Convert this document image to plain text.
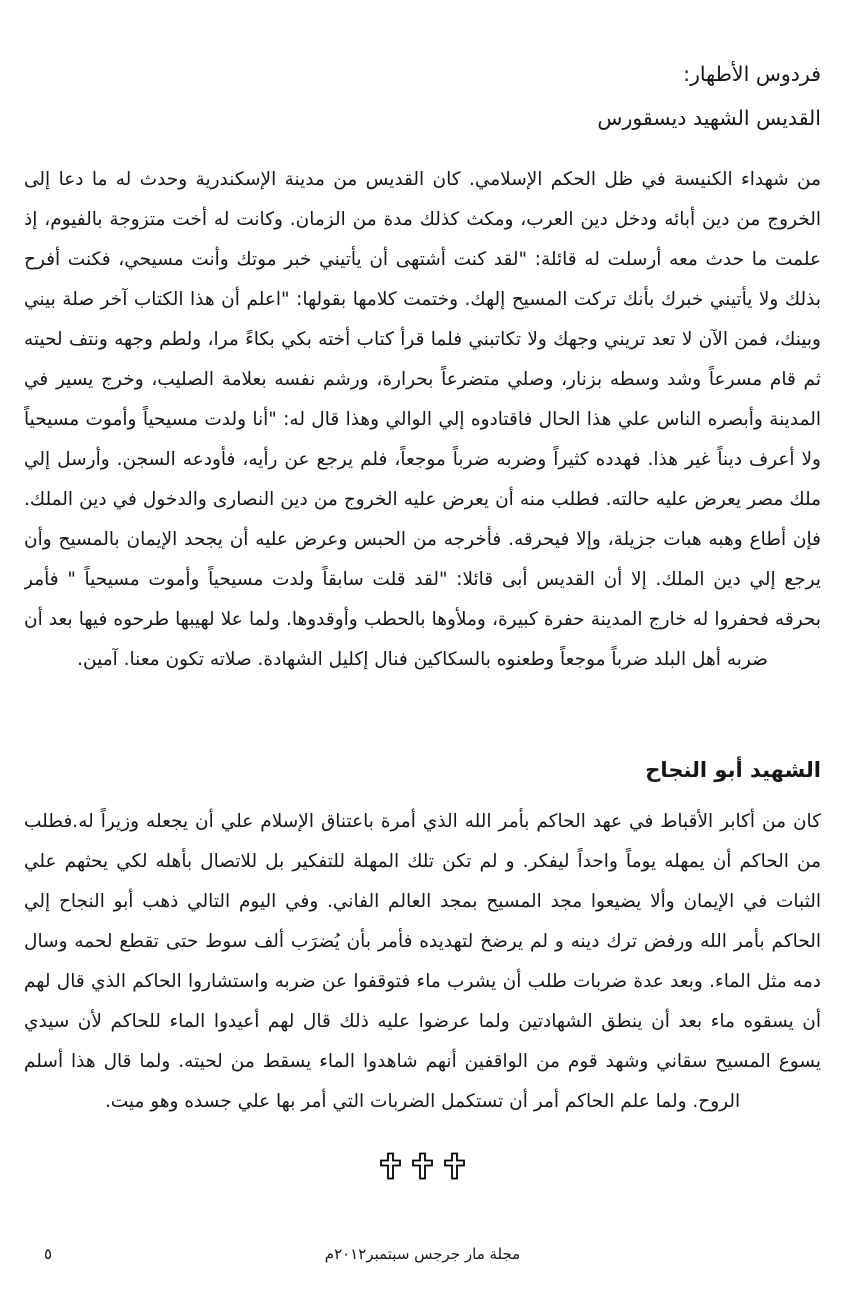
فردوس الأطهار:
القديس الشهيد ديسقورس
من شهداء الكنيسة في ظل الحكم الإسلامي. كان القديس من مدينة الإسكندرية وحدث له ما دعا إلى الخروج من دين أبائه ودخل دين العرب، ومكث كذلك مدة من الزمان. وكانت له أخت متزوجة بالفيوم، إذ علمت ما حدث معه أرسلت له قائلة: "لقد كنت أشتهى أن يأتيني خبر موتك وأنت مسيحي، فكنت أفرح بذلك ولا يأتيني خبرك بأنك تركت المسيح إلهك. وختمت كلامها بقولها: "اعلم أن هذا الكتاب آخر صلة بيني وبينك، فمن الآن لا تعد تريني وجهك ولا تكاتبني فلما قرأ كتاب أخته بكي بكاءً مرا، ولطم وجهه ونتف لحيته ثم قام مسرعاً وشد وسطه بزنار، وصلي متضرعاً بحرارة، ورشم نفسه بعلامة الصليب، وخرج يسير في المدينة وأبصره الناس علي هذا الحال فاقتادوه إلي الوالي وهذا قال له: "أنا ولدت مسيحياً وأموت مسيحياً ولا أعرف ديناً غير هذا. فهدده كثيراً وضربه ضرباً موجعاً، فلم يرجع عن رأيه، فأودعه السجن. وأرسل إلي ملك مصر يعرض عليه حالته. فطلب منه أن يعرض عليه الخروج من دين النصارى والدخول في دين الملك. فإن أطاع وهبه هبات جزيلة، وإلا فيحرقه. فأخرجه من الحبس وعرض عليه أن يجحد الإيمان بالمسيح وأن يرجع إلي دين الملك. إلا أن القديس أبى قائلا: "لقد قلت سابقاً ولدت مسيحياً وأموت مسيحياً " فأمر بحرقه فحفروا له خارج المدينة حفرة كبيرة، وملأوها بالحطب وأوقدوها. ولما علا لهيبها طرحوه فيها بعد أن ضربه أهل البلد ضرباً موجعاً وطعنوه بالسكاكين فنال إكليل الشهادة. صلاته تكون معنا. آمين.
الشهيد أبو النجاح
كان من أكابر الأقباط في عهد الحاكم بأمر الله الذي أمرة باعتناق الإسلام علي أن يجعله وزيراً له.فطلب من الحاكم أن يمهله يوماً واحداً ليفكر. و لم تكن تلك المهلة للتفكير بل للاتصال بأهله لكي يحثهم علي الثبات في الإيمان وألا يضيعوا مجد المسيح بمجد العالم الفاني. وفي اليوم التالي ذهب أبو النجاح إلي الحاكم بأمر الله ورفض ترك دينه و لم يرضخ لتهديده فأمر بأن يُضرَب ألف سوط حتى تقطع لحمه وسال دمه مثل الماء. وبعد عدة ضربات طلب أن يشرب ماء فتوقفوا عن ضربه واستشاروا الحاكم الذي قال لهم أن يسقوه ماء بعد أن ينطق الشهادتين ولما عرضوا عليه ذلك قال لهم أعيدوا الماء للحاكم لأن سيدي يسوع المسيح سقاني وشهد قوم من الواقفين أنهم شاهدوا الماء يسقط من لحيته. ولما قال هذا أسلم الروح. ولما علم الحاكم أمر أن تستكمل الضربات التي أمر بها علي جسده وهو ميت.

مجلة مار جرجس سبتمبر٢٠١٢م
٥
